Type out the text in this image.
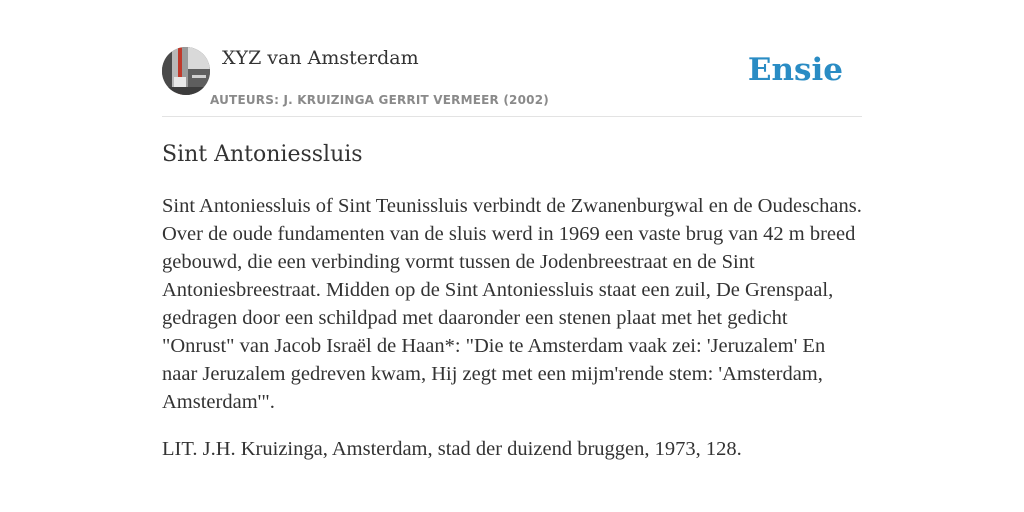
XYZ van Amsterdam
AUTEURS: J. KRUIZINGA GERRIT VERMEER (2002)
Ensie
Sint Antoniessluis

Sint Antoniessluis of Sint Teunissluis verbindt de Zwanenburgwal en de Oudeschans. Over de oude fundamenten van de sluis werd in 1969 een vaste brug van 42 m breed gebouwd, die een verbinding vormt tussen de Jodenbreestraat en de Sint Antoniesbreestraat. Midden op de Sint Antoniessluis staat een zuil, De Grenspaal, gedragen door een schildpad met daaronder een stenen plaat met het gedicht "Onrust" van Jacob Israël de Haan*: "Die te Amsterdam vaak zei: 'Jeruzalem' En naar Jeruzalem gedreven kwam, Hij zegt met een mijm'rende stem: 'Amsterdam, Amsterdam'".

LIT. J.H. Kruizinga, Amsterdam, stad der duizend bruggen, 1973, 128.
